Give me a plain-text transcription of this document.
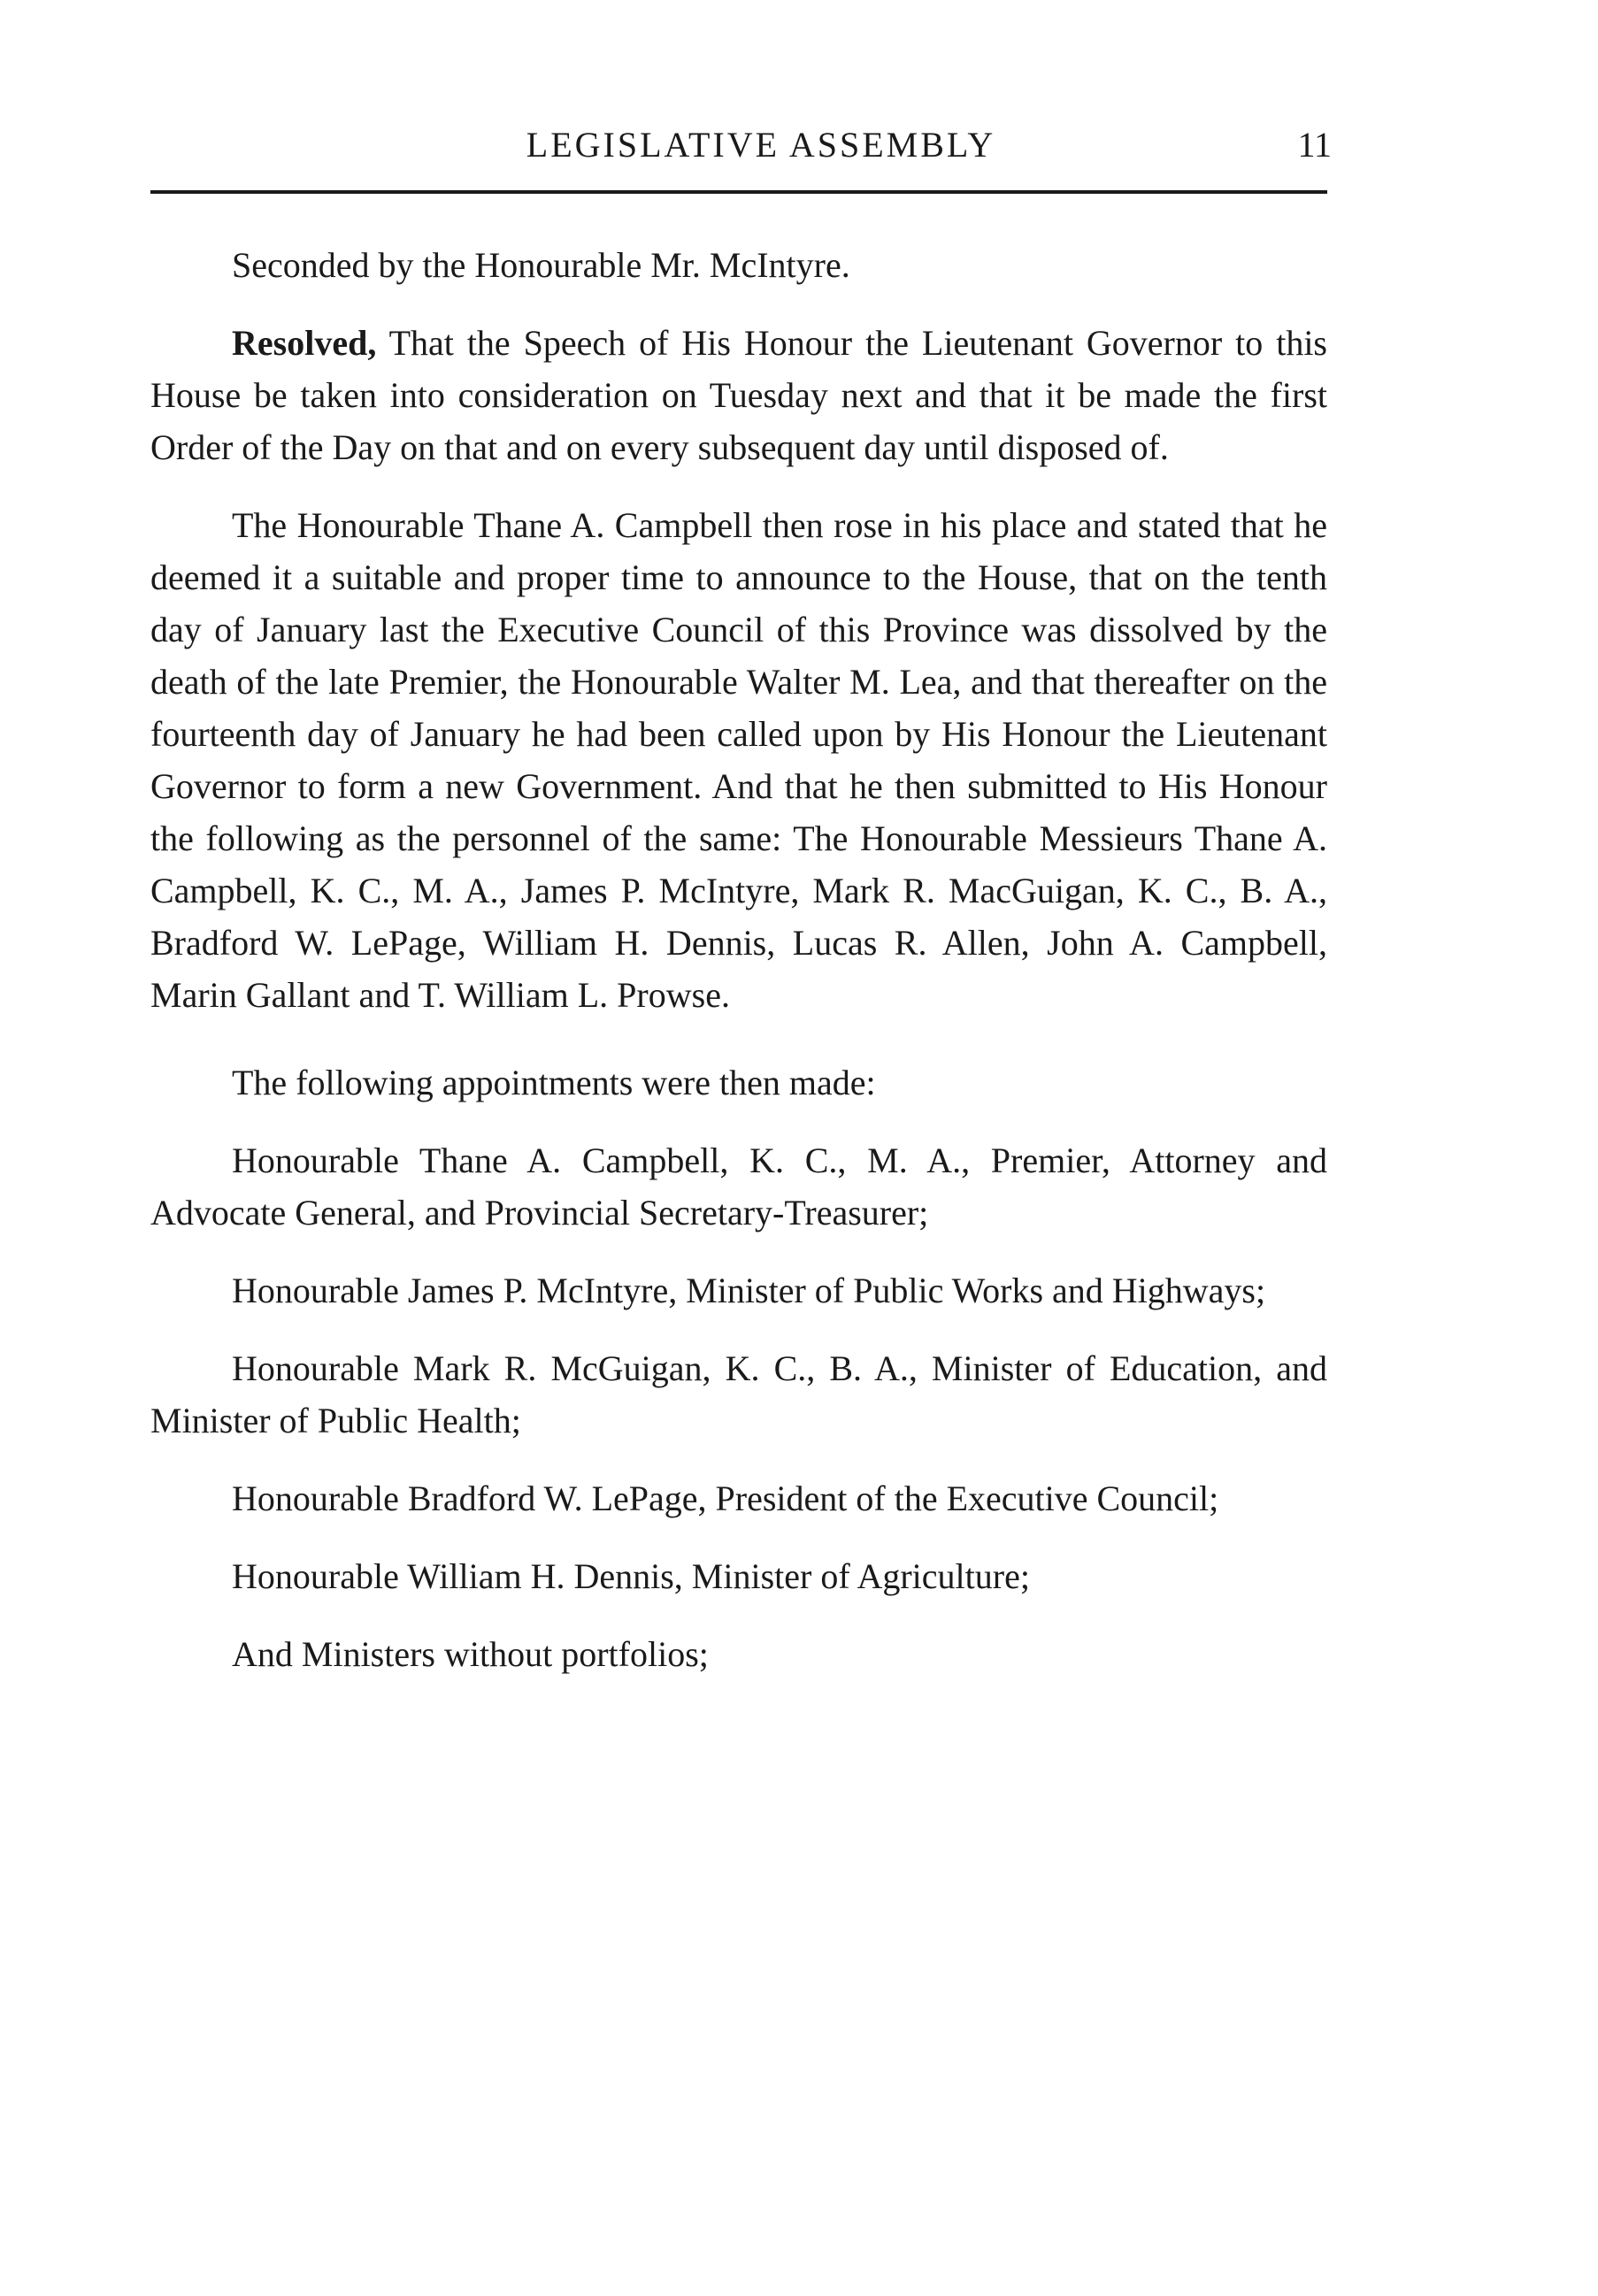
LEGISLATIVE ASSEMBLY	11

Seconded by the Honourable Mr. McIntyre.

Resolved, That the Speech of His Honour the Lieutenant Governor to this House be taken into consideration on Tuesday next and that it be made the first Order of the Day on that and on every subsequent day until disposed of.

The Honourable Thane A. Campbell then rose in his place and stated that he deemed it a suitable and proper time to announce to the House, that on the tenth day of January last the Executive Council of this Province was dissolved by the death of the late Premier, the Honourable Walter M. Lea, and that thereafter on the fourteenth day of January he had been called upon by His Honour the Lieutenant Governor to form a new Government. And that he then submitted to His Honour the following as the personnel of the same: The Honourable Messieurs Thane A. Campbell, K. C., M. A., James P. McIntyre, Mark R. MacGuigan, K. C., B. A., Bradford W. LePage, William H. Dennis, Lucas R. Allen, John A. Campbell, Marin Gallant and T. William L. Prowse.

The following appointments were then made:

Honourable Thane A. Campbell, K. C., M. A., Premier, Attorney and Advocate General, and Provincial Secretary-Treasurer;

Honourable James P. McIntyre, Minister of Public Works and Highways;

Honourable Mark R. McGuigan, K. C., B. A., Minister of Education, and Minister of Public Health;

Honourable Bradford W. LePage, President of the Executive Council;

Honourable William H. Dennis, Minister of Agriculture;

And Ministers without portfolios;
